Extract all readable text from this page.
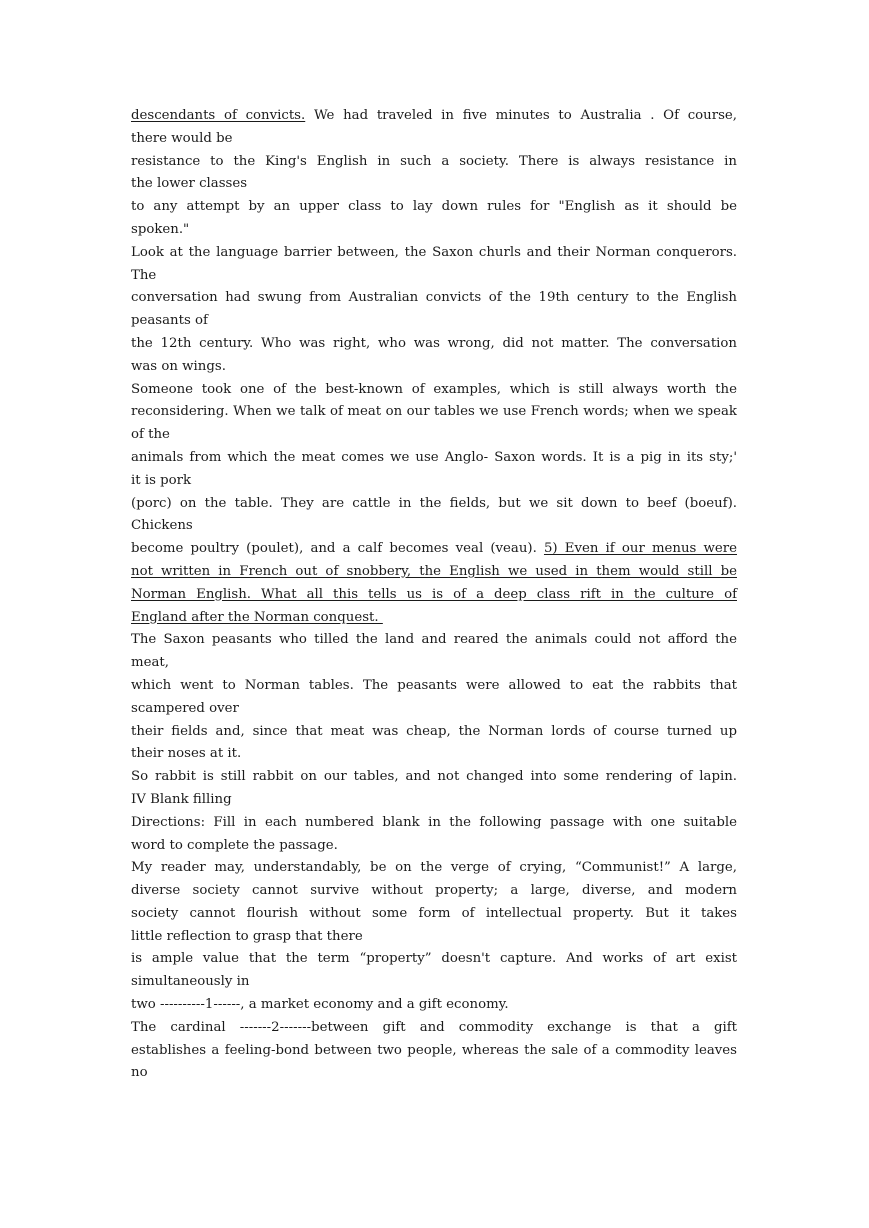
descendants of convicts. We had traveled in five minutes to Australia . Of course,
there would be
resistance to the King's English in such a society. There is always resistance in
the lower classes
to any attempt by an upper class to lay down rules for "English as it should be
spoken."
Look at the language barrier between, the Saxon churls and their Norman conquerors.
The
conversation had swung from Australian convicts of the 19th century to the English
peasants of
the 12th century. Who was right, who was wrong, did not matter. The conversation
was on wings.
Someone took one of the best-known of examples, which is still always worth the
reconsidering. When we talk of meat on our tables we use French words; when we speak
of the
animals from which the meat comes we use Anglo- Saxon words. It is a pig in its sty;'
it is pork
(porc) on the table. They are cattle in the fields, but we sit down to beef (boeuf).
Chickens
become poultry (poulet), and a calf becomes veal (veau). 5) Even if our menus were
not written in French out of snobbery, the English we used in them would still be
Norman English. What all this tells us is of a deep class rift in the culture of
England after the Norman conquest.
The Saxon peasants who tilled the land and reared the animals could not afford the
meat,
which went to Norman tables. The peasants were allowed to eat the rabbits that
scampered over
their fields and, since that meat was cheap, the Norman lords of course turned up
their noses at it.
So rabbit is still rabbit on our tables, and not changed into some rendering of lapin.
IV Blank filling
Directions: Fill in each numbered blank in the following passage with one suitable
word to complete the passage.
My reader may, understandably, be on the verge of crying, “Communist!” A large,
diverse society cannot survive without property; a large, diverse, and modern
society cannot flourish without some form of intellectual property. But it takes
little reflection to grasp that there
is ample value that the term “property” doesn't capture. And works of art exist
simultaneously in
two ----------1------, a market economy and a gift economy.
The cardinal -------2-------between gift and commodity exchange is that a gift
establishes a feeling-bond between two people, whereas the sale of a commodity leaves
no
